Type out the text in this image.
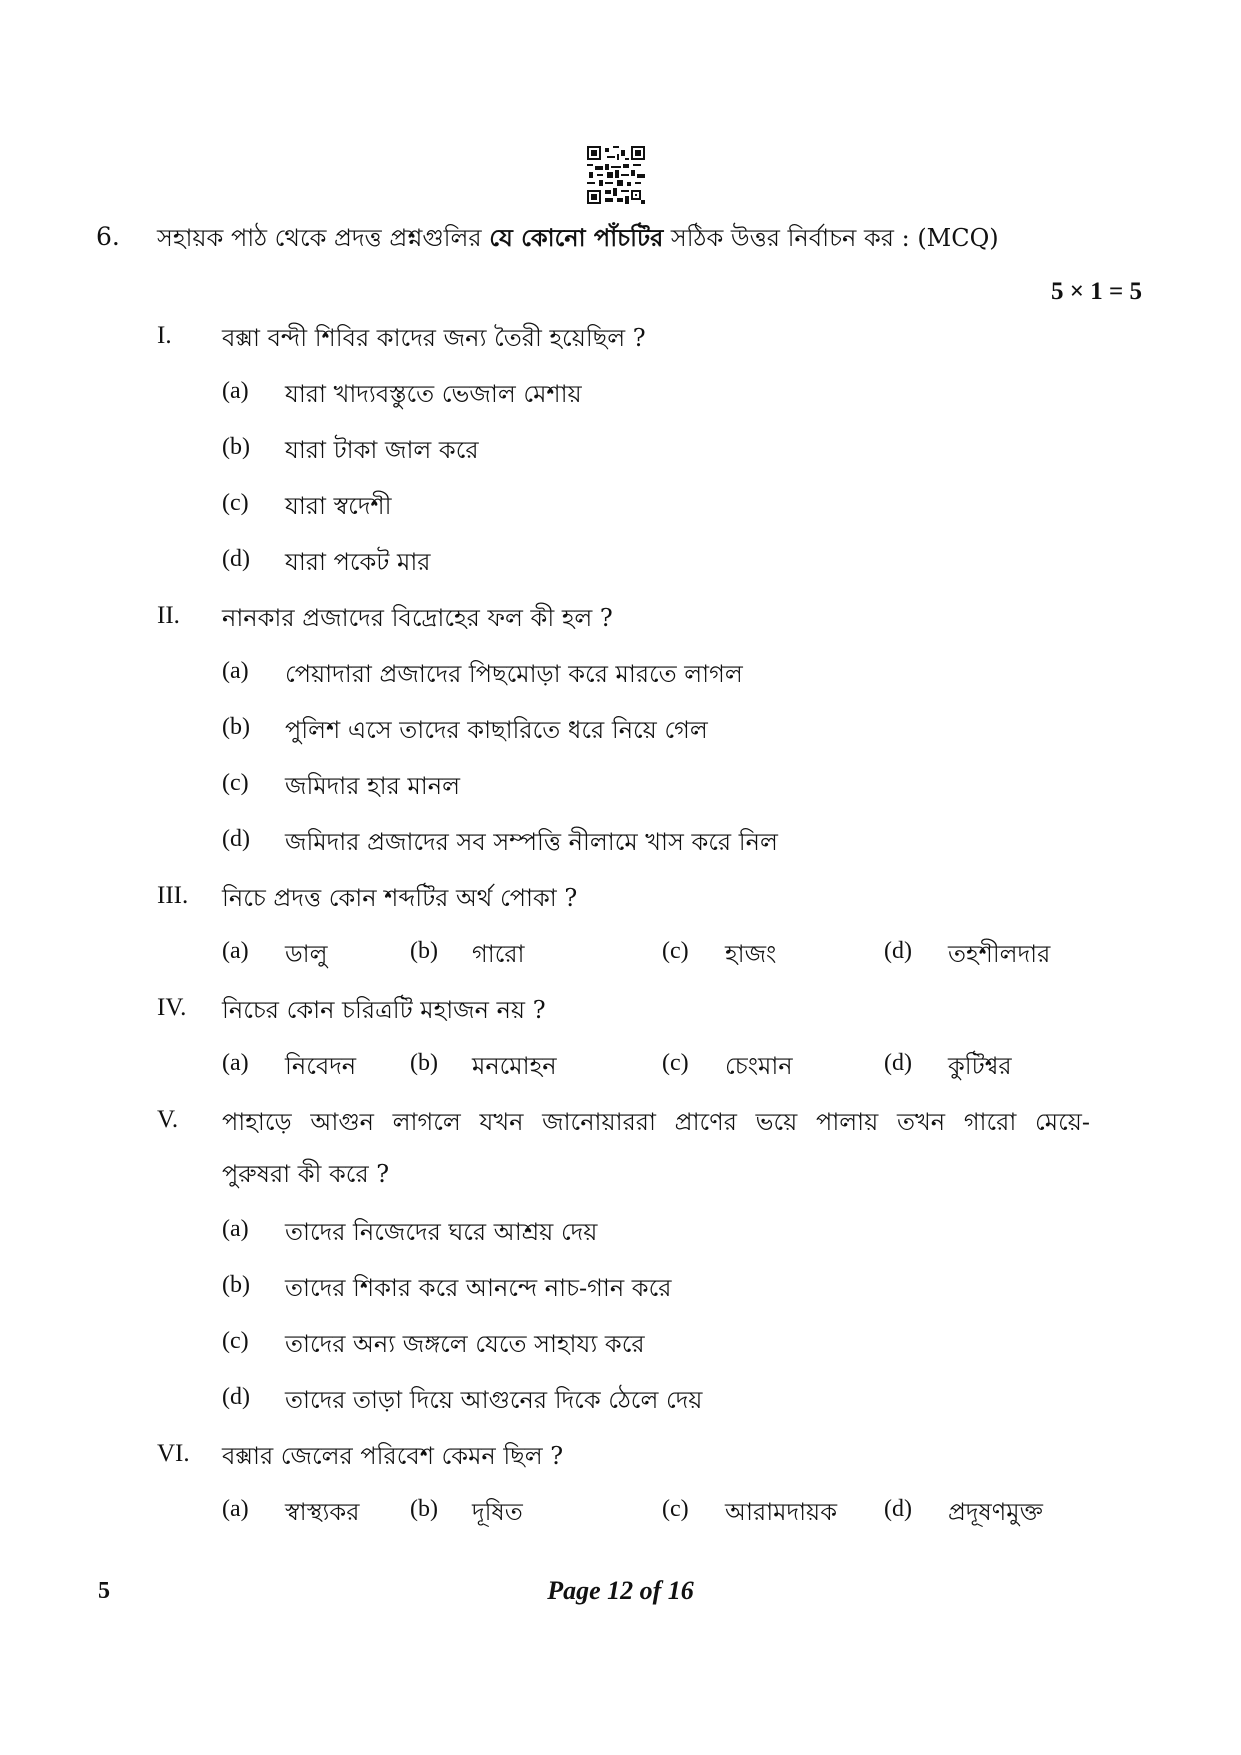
6. সহায়ক পাঠ থেকে প্রদত্ত প্রশ্নগুলির যে কোনো পাঁচটির সঠিক উত্তর নির্বাচন কর : (MCQ)
5 × 1 = 5
I. বক্সা বন্দী শিবির কাদের জন্য তৈরী হয়েছিল ?
(a) যারা খাদ্যবস্তুতে ভেজাল মেশায়
(b) যারা টাকা জাল করে
(c) যারা স্বদেশী
(d) যারা পকেট মার
II. নানকার প্রজাদের বিদ্রোহের ফল কী হল ?
(a) পেয়াদারা প্রজাদের পিছমোড়া করে মারতে লাগল
(b) পুলিশ এসে তাদের কাছারিতে ধরে নিয়ে গেল
(c) জমিদার হার মানল
(d) জমিদার প্রজাদের সব সম্পত্তি নীলামে খাস করে নিল
III. নিচে প্রদত্ত কোন শব্দটির অর্থ পোকা ?
(a) ডালু	(b) গারো	(c) হাজং	(d) তহশীলদার
IV. নিচের কোন চরিত্রটি মহাজন নয় ?
(a) নিবেদন (b) মনমোহন	(c) চেংমান	(d) কুটিশ্বর
V. পাহাড়ে আগুন লাগলে যখন জানোয়াররা প্রাণের ভয়ে পালায় তখন গারো মেয়ে-
পুরুষরা কী করে ?
(a) তাদের নিজেদের ঘরে আশ্রয় দেয়
(b) তাদের শিকার করে আনন্দে নাচ-গান করে
(c) তাদের অন্য জঙ্গলে যেতে সাহায্য করে
(d) তাদের তাড়া দিয়ে আগুনের দিকে ঠেলে দেয়
VI. বক্সার জেলের পরিবেশ কেমন ছিল ?
(a) স্বাস্থ্যকর (b) দূষিত	(c) আরামদায়ক (d) প্রদূষণমুক্ত
5	Page 12 of 16
